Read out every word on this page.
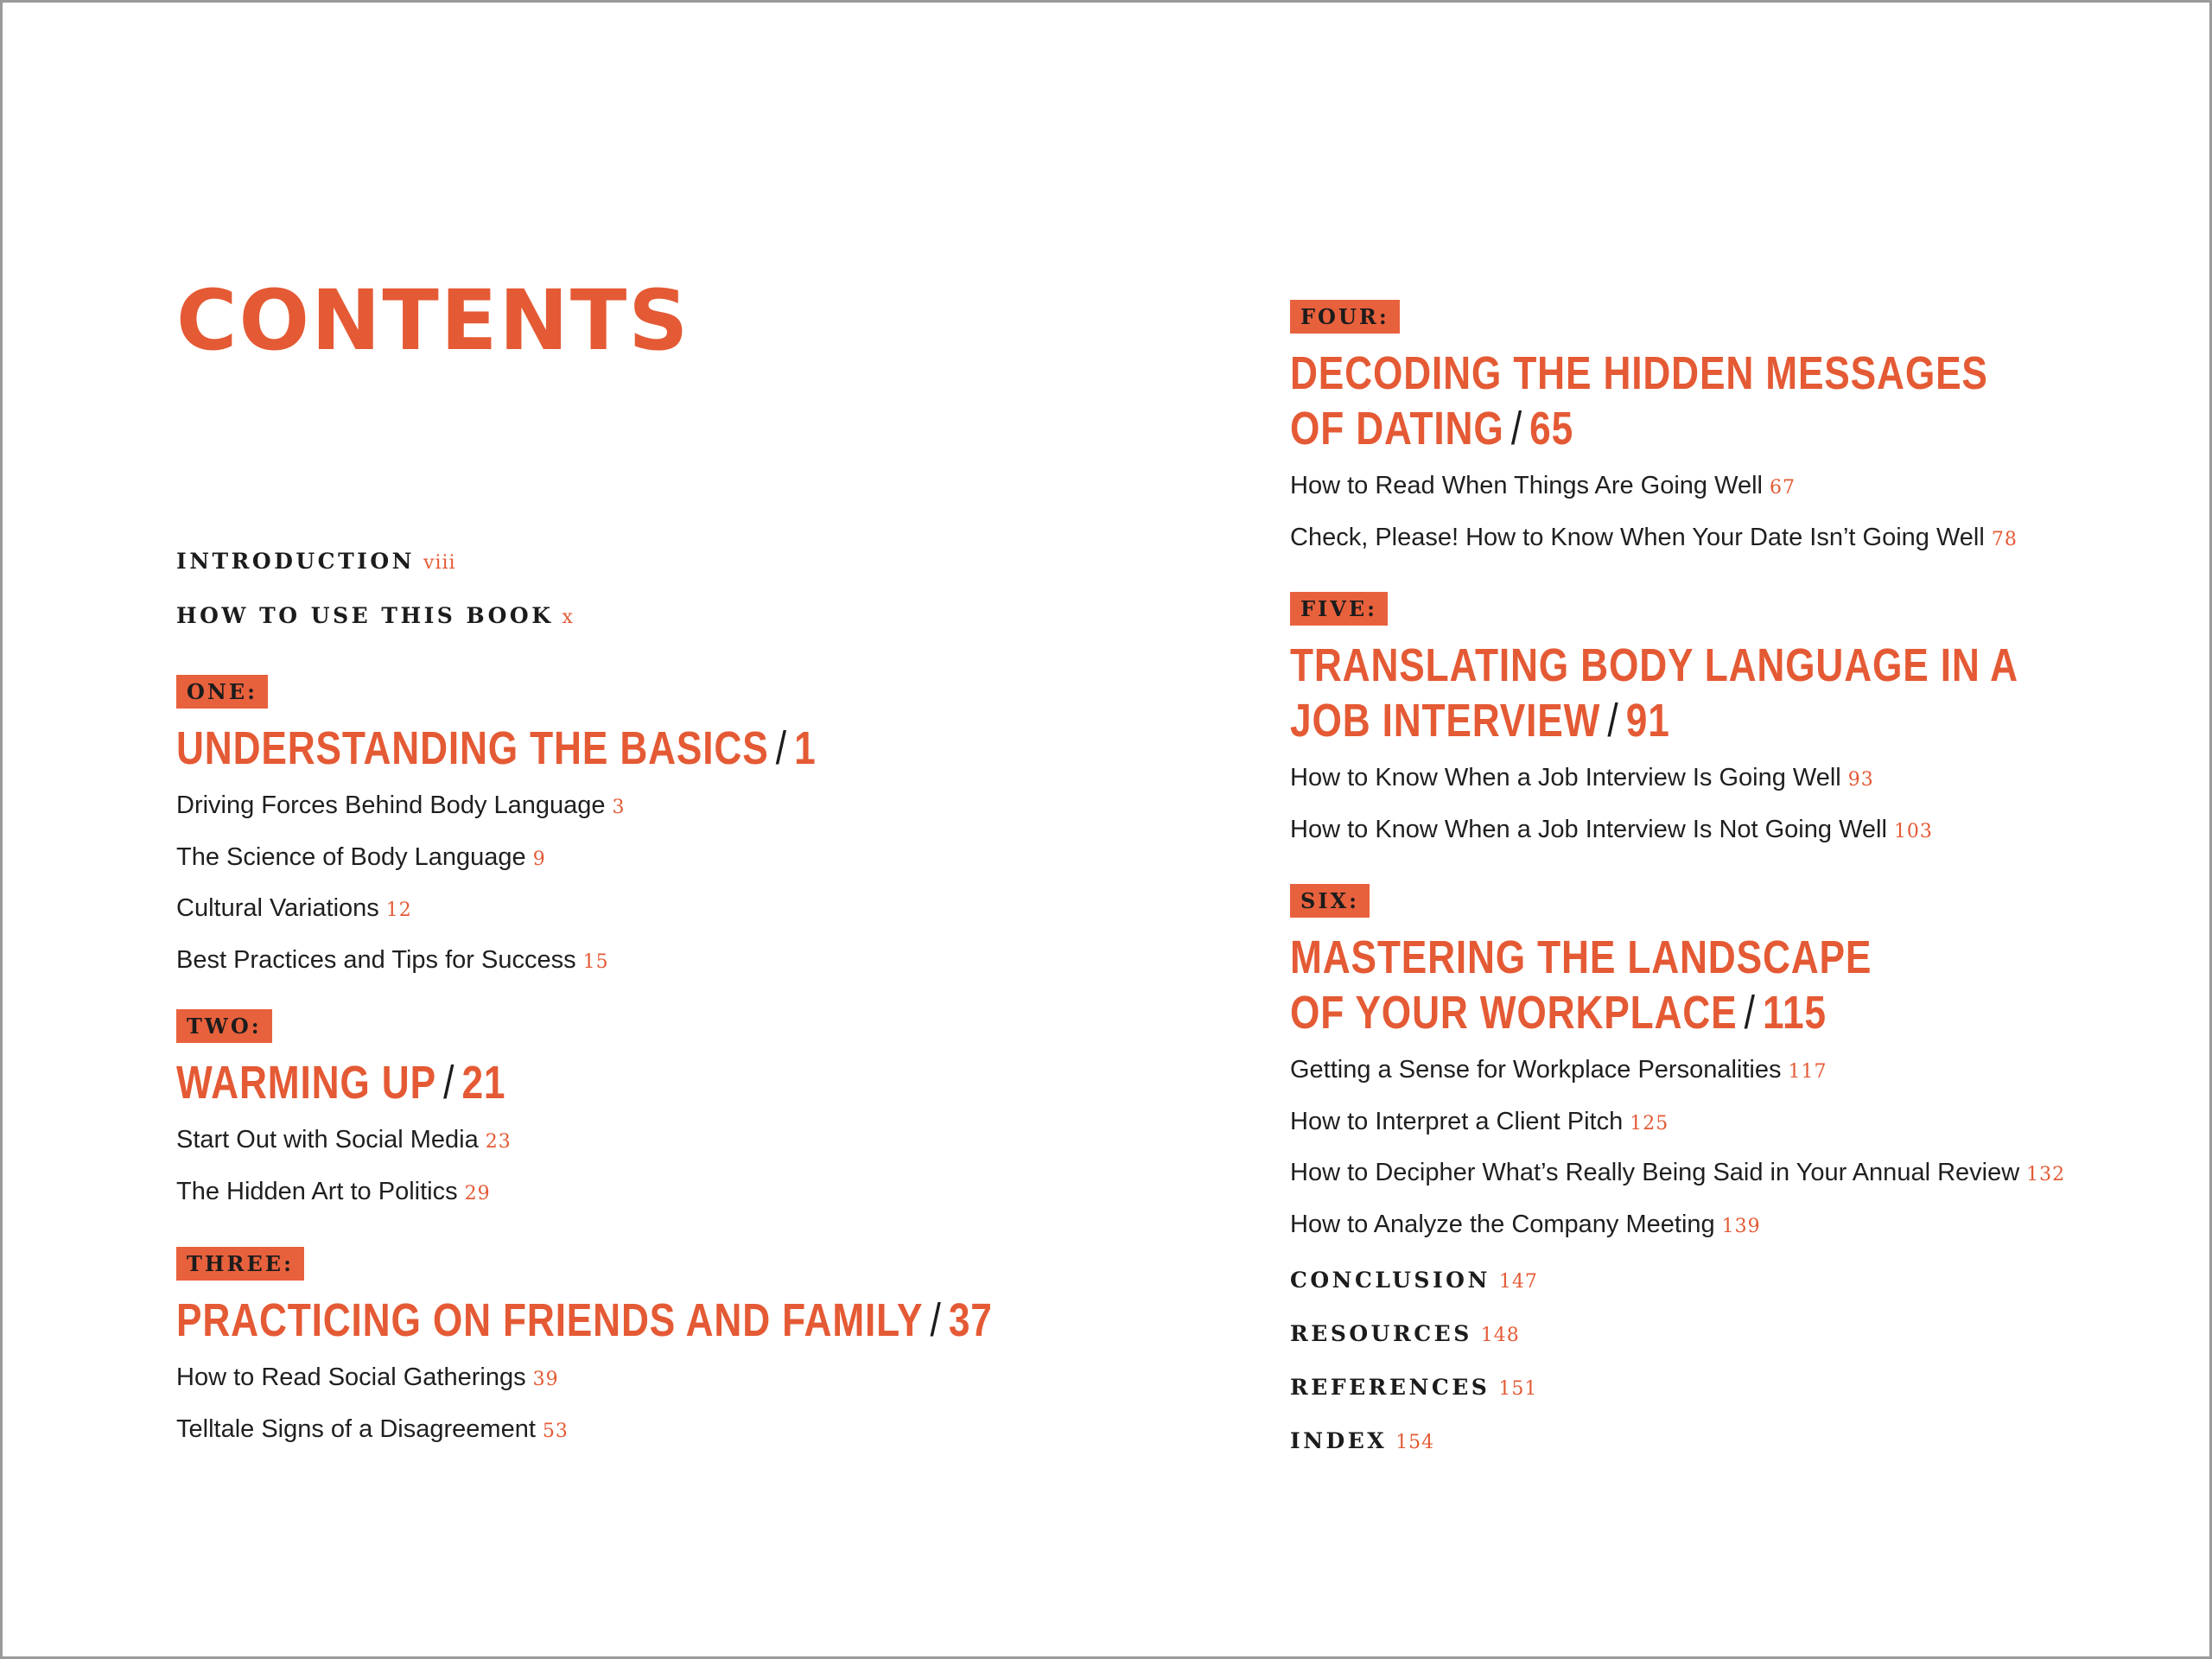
CONTENTS
INTRODUCTION viii
HOW TO USE THIS BOOK x
ONE:
UNDERSTANDING THE BASICS / 1
Driving Forces Behind Body Language 3
The Science of Body Language 9
Cultural Variations 12
Best Practices and Tips for Success 15
TWO:
WARMING UP / 21
Start Out with Social Media 23
The Hidden Art to Politics 29
THREE:
PRACTICING ON FRIENDS AND FAMILY / 37
How to Read Social Gatherings 39
Telltale Signs of a Disagreement 53
FOUR:
DECODING THE HIDDEN MESSAGES
OF DATING / 65
How to Read When Things Are Going Well 67
Check, Please! How to Know When Your Date Isn’t Going Well 78
FIVE:
TRANSLATING BODY LANGUAGE IN A
JOB INTERVIEW / 91
How to Know When a Job Interview Is Going Well 93
How to Know When a Job Interview Is Not Going Well 103
SIX:
MASTERING THE LANDSCAPE
OF YOUR WORKPLACE / 115
Getting a Sense for Workplace Personalities 117
How to Interpret a Client Pitch 125
How to Decipher What’s Really Being Said in Your Annual Review 132
How to Analyze the Company Meeting 139
CONCLUSION 147
RESOURCES 148
REFERENCES 151
INDEX 154
